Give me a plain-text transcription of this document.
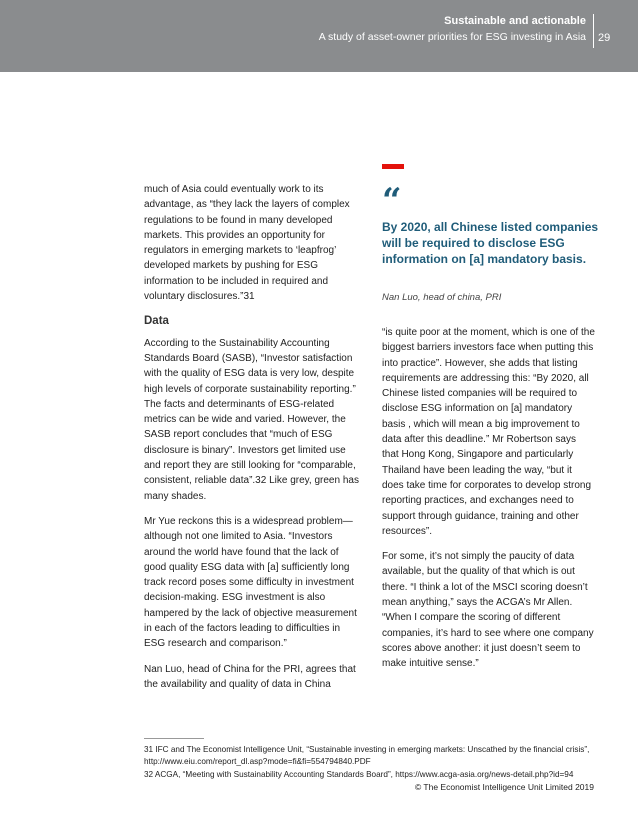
Sustainable and actionable
A study of asset-owner priorities for ESG investing in Asia 29

much of Asia could eventually work to its advantage, as “they lack the layers of complex regulations to be found in many developed markets. This provides an opportunity for regulators in emerging markets to ‘leapfrog’ developed markets by pushing for ESG information to be included in required and voluntary disclosures.”31

Data

According to the Sustainability Accounting Standards Board (SASB), “Investor satisfaction with the quality of ESG data is very low, despite high levels of corporate sustainability reporting.” The facts and determinants of ESG-related metrics can be wide and varied. However, the SASB report concludes that “much of ESG disclosure is binary”. Investors get limited use and report they are still looking for “comparable, consistent, reliable data”.32 Like grey, green has many shades.

Mr Yue reckons this is a widespread problem—although not one limited to Asia. “Investors around the world have found that the lack of good quality ESG data with [a] sufficiently long track record poses some difficulty in investment decision-making. ESG investment is also hampered by the lack of objective measurement in each of the factors leading to difficulties in ESG research and comparison.”

Nan Luo, head of China for the PRI, agrees that the availability and quality of data in China

“
By 2020, all Chinese listed companies will be required to disclose ESG information on [a] mandatory basis.
Nan Luo, head of china, PRI

“is quite poor at the moment, which is one of the biggest barriers investors face when putting this into practice”. However, she adds that listing requirements are addressing this: “By 2020, all Chinese listed companies will be required to disclose ESG information on [a] mandatory basis , which will mean a big improvement to data after this deadline.” Mr Robertson says that Hong Kong, Singapore and particularly Thailand have been leading the way, “but it does take time for corporates to develop strong reporting practices, and exchanges need to support through guidance, training and other resources”.

For some, it’s not simply the paucity of data available, but the quality of that which is out there. “I think a lot of the MSCI scoring doesn’t mean anything,” says the ACGA’s Mr Allen. “When I compare the scoring of different companies, it’s hard to see where one company scores above another: it just doesn’t seem to make intuitive sense.”

31 IFC and The Economist Intelligence Unit, “Sustainable investing in emerging markets: Unscathed by the financial crisis”, http://www.eiu.com/report_dl.asp?mode=fi&fi=554794840.PDF

32 ACGA, “Meeting with Sustainability Accounting Standards Board”, https://www.acga-asia.org/news-detail.php?id=94

© The Economist Intelligence Unit Limited 2019
